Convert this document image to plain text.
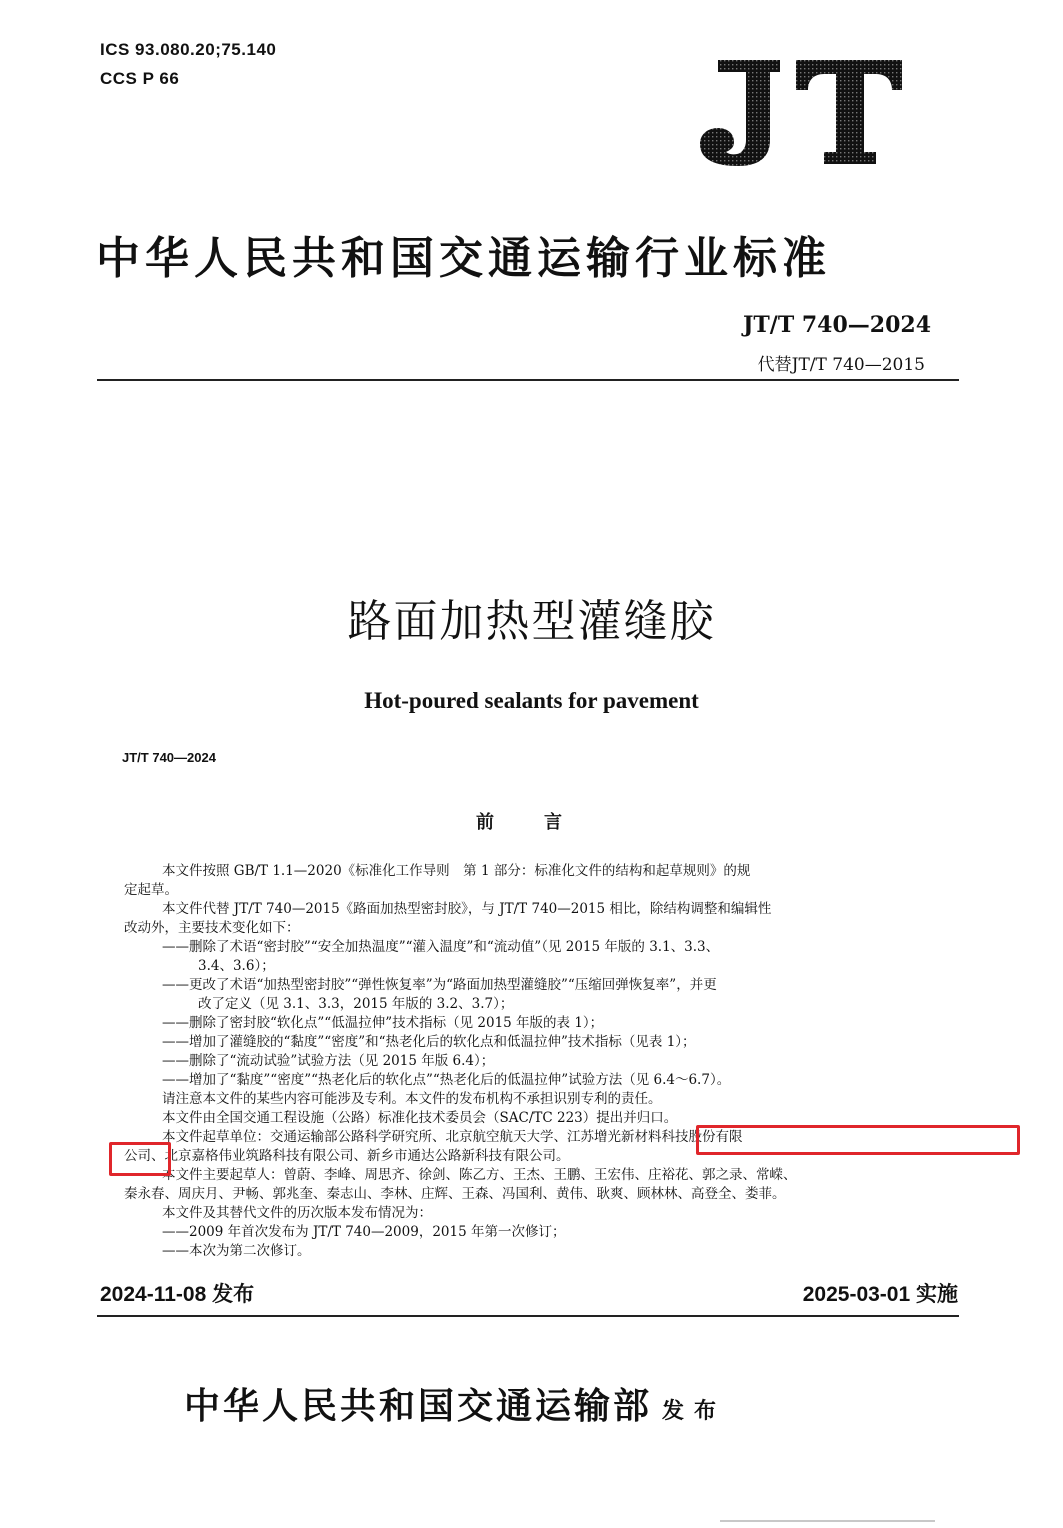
ICS 93.080.20;75.140
CCS P 66
中华人民共和国交通运输行业标准
JT/T 740—2024
代替JT/T 740—2015
路面加热型灌缝胶
Hot-poured sealants for pavement
JT/T 740—2024
前言

本文件按照 GB/T 1.1—2020《标准化工作导则　第 1 部分：标准化文件的结构和起草规则》的规

定起草。

本文件代替 JT/T 740—2015《路面加热型密封胶》，与 JT/T 740—2015 相比，除结构调整和编辑性

改动外，主要技术变化如下：

——删除了术语“密封胶”“安全加热温度”“灌入温度”和“流动值”（见 2015 年版的 3.1、3.3、

3.4、3.6）；

——更改了术语“加热型密封胶”“弹性恢复率”为“路面加热型灌缝胶”“压缩回弹恢复率”，并更

改了定义（见 3.1、3.3，2015 年版的 3.2、3.7）；

——删除了密封胶“软化点”“低温拉伸”技术指标（见 2015 年版的表 1）；

——增加了灌缝胶的“黏度”“密度”和“热老化后的软化点和低温拉伸”技术指标（见表 1）；

——删除了“流动试验”试验方法（见 2015 年版 6.4）；

——增加了“黏度”“密度”“热老化后的软化点”“热老化后的低温拉伸”试验方法（见 6.4～6.7）。

请注意本文件的某些内容可能涉及专利。本文件的发布机构不承担识别专利的责任。

本文件由全国交通工程设施（公路）标准化技术委员会（SAC/TC 223）提出并归口。

本文件起草单位：交通运输部公路科学研究所、北京航空航天大学、江苏增光新材料科技股份有限

公司、北京嘉格伟业筑路科技有限公司、新乡市通达公路新科技有限公司。

本文件主要起草人：曾蔚、李峰、周思齐、徐剑、陈乙方、王杰、王鹏、王宏伟、庄裕花、郭之录、常嵘、

秦永春、周庆月、尹畅、郭兆奎、秦志山、李林、庄辉、王森、冯国利、黄伟、耿爽、顾林林、高登全、娄菲。

本文件及其替代文件的历次版本发布情况为：

——2009 年首次发布为 JT/T 740—2009，2015 年第一次修订；

——本次为第二次修订。

2024-11-08 发布	2025-03-01 实施
中华人民共和国交通运输部 发布
